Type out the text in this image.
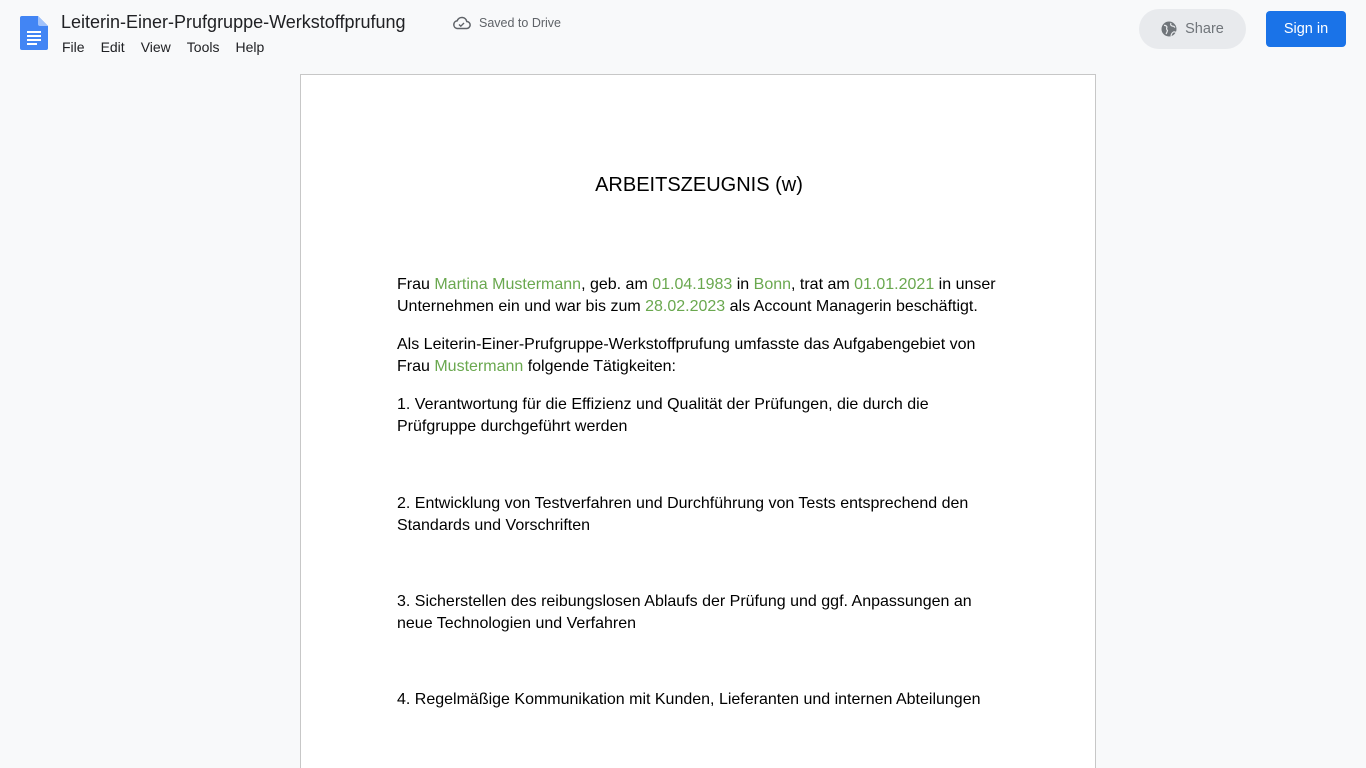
Leiterin-Einer-Prufgruppe-Werkstoffprufung	Saved to Drive
File	Edit	View	Tools	Help
Share	Sign in
ARBEITSZEUGNIS (w)

Frau Martina Mustermann, geb. am 01.04.1983 in Bonn, trat am 01.01.2021 in unser Unternehmen ein und war bis zum 28.02.2023 als Account Managerin beschäftigt.

Als Leiterin-Einer-Prufgruppe-Werkstoffprufung umfasste das Aufgabengebiet von Frau Mustermann folgende Tätigkeiten:

1. Verantwortung für die Effizienz und Qualität der Prüfungen, die durch die Prüfgruppe durchgeführt werden

2. Entwicklung von Testverfahren und Durchführung von Tests entsprechend den Standards und Vorschriften

3. Sicherstellen des reibungslosen Ablaufs der Prüfung und ggf. Anpassungen an neue Technologien und Verfahren

4. Regelmäßige Kommunikation mit Kunden, Lieferanten und internen Abteilungen
